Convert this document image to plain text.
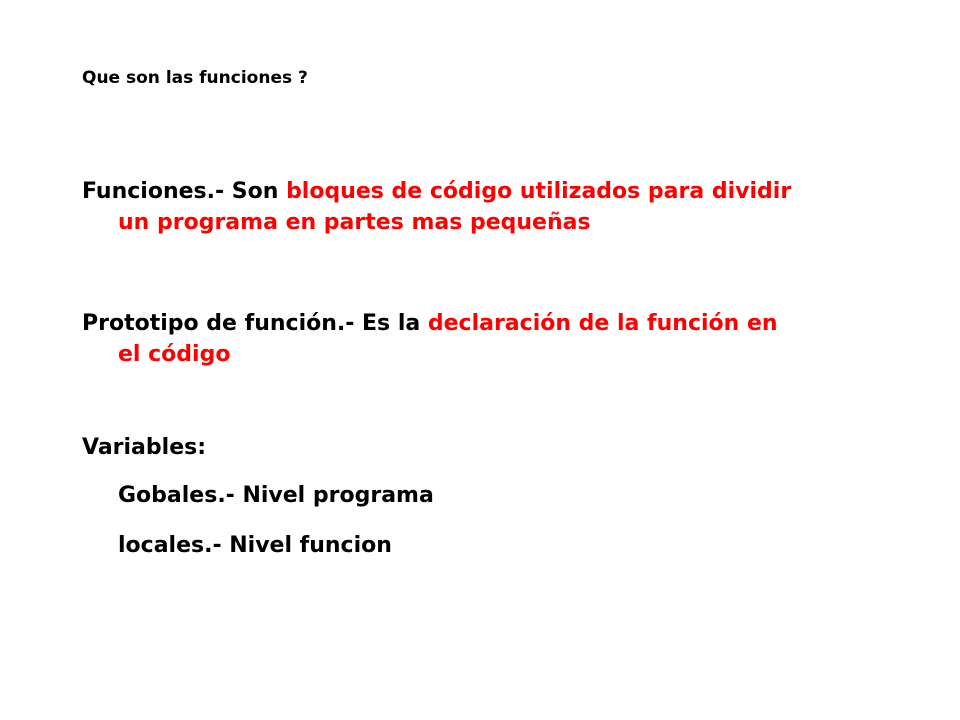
Que son las funciones ?
Funciones.- Son bloques de código utilizados para dividir
un programa en partes mas pequeñas
Prototipo de función.- Es la declaración de la función en
el código
Variables:
Gobales.- Nivel programa
locales.- Nivel funcion
